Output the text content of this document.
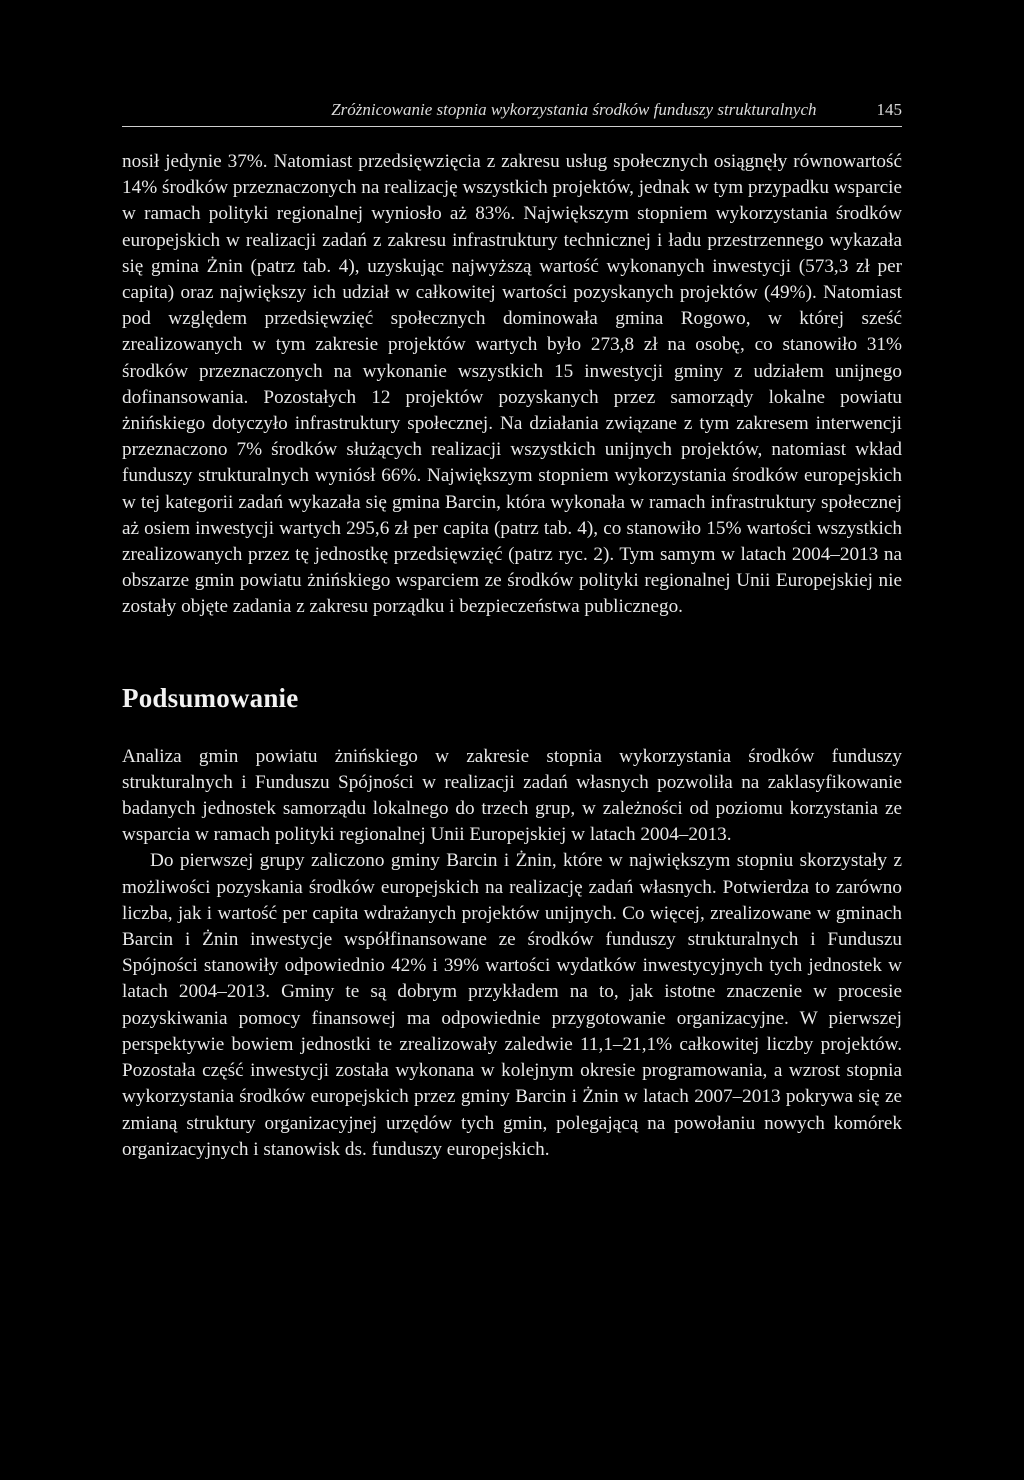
Zróżnicowanie stopnia wykorzystania środków funduszy strukturalnych	145

nosił jedynie 37%. Natomiast przedsięwzięcia z zakresu usług społecznych osiągnęły równowartość 14% środków przeznaczonych na realizację wszystkich projektów, jednak w tym przypadku wsparcie w ramach polityki regionalnej wyniosło aż 83%. Największym stopniem wykorzystania środków europejskich w realizacji zadań z zakresu infrastruktury technicznej i ładu przestrzennego wykazała się gmina Żnin (patrz tab. 4), uzyskując najwyższą wartość wykonanych inwestycji (573,3 zł per capita) oraz największy ich udział w całkowitej wartości pozyskanych projektów (49%). Natomiast pod względem przedsięwzięć społecznych dominowała gmina Rogowo, w której sześć zrealizowanych w tym zakresie projektów wartych było 273,8 zł na osobę, co stanowiło 31% środków przeznaczonych na wykonanie wszystkich 15 inwestycji gminy z udziałem unijnego dofinansowania. Pozostałych 12 projektów pozyskanych przez samorządy lokalne powiatu żnińskiego dotyczyło infrastruktury społecznej. Na działania związane z tym zakresem interwencji przeznaczono 7% środków służących realizacji wszystkich unijnych projektów, natomiast wkład funduszy strukturalnych wyniósł 66%. Największym stopniem wykorzystania środków europejskich w tej kategorii zadań wykazała się gmina Barcin, która wykonała w ramach infrastruktury społecznej aż osiem inwestycji wartych 295,6 zł per capita (patrz tab. 4), co stanowiło 15% wartości wszystkich zrealizowanych przez tę jednostkę przedsięwzięć (patrz ryc. 2). Tym samym w latach 2004–2013 na obszarze gmin powiatu żnińskiego wsparciem ze środków polityki regionalnej Unii Europejskiej nie zostały objęte zadania z zakresu porządku i bezpieczeństwa publicznego.

Podsumowanie

Analiza gmin powiatu żnińskiego w zakresie stopnia wykorzystania środków funduszy strukturalnych i Funduszu Spójności w realizacji zadań własnych pozwoliła na zaklasyfikowanie badanych jednostek samorządu lokalnego do trzech grup, w zależności od poziomu korzystania ze wsparcia w ramach polityki regionalnej Unii Europejskiej w latach 2004–2013.

Do pierwszej grupy zaliczono gminy Barcin i Żnin, które w największym stopniu skorzystały z możliwości pozyskania środków europejskich na realizację zadań własnych. Potwierdza to zarówno liczba, jak i wartość per capita wdrażanych projektów unijnych. Co więcej, zrealizowane w gminach Barcin i Żnin inwestycje współfinansowane ze środków funduszy strukturalnych i Funduszu Spójności stanowiły odpowiednio 42% i 39% wartości wydatków inwestycyjnych tych jednostek w latach 2004–2013. Gminy te są dobrym przykładem na to, jak istotne znaczenie w procesie pozyskiwania pomocy finansowej ma odpowiednie przygotowanie organizacyjne. W pierwszej perspektywie bowiem jednostki te zrealizowały zaledwie 11,1–21,1% całkowitej liczby projektów. Pozostała część inwestycji została wykonana w kolejnym okresie programowania, a wzrost stopnia wykorzystania środków europejskich przez gminy Barcin i Żnin w latach 2007–2013 pokrywa się ze zmianą struktury organizacyjnej urzędów tych gmin, polegającą na powołaniu nowych komórek organizacyjnych i stanowisk ds. funduszy europejskich.
